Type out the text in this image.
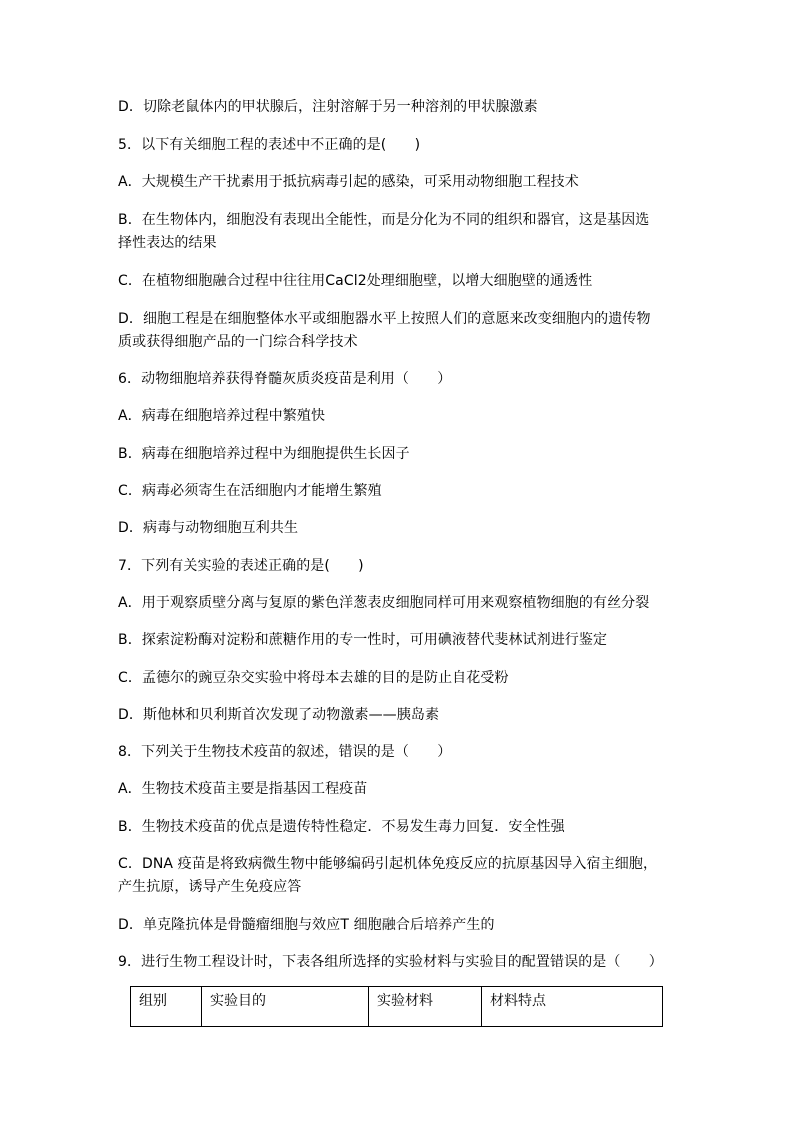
D．切除老鼠体内的甲状腺后，注射溶解于另一种溶剂的甲状腺激素
5．以下有关细胞工程的表述中不正确的是(　　)
A．大规模生产干扰素用于抵抗病毒引起的感染，可采用动物细胞工程技术
B．在生物体内，细胞没有表现出全能性，而是分化为不同的组织和器官，这是基因选
择性表达的结果
C．在植物细胞融合过程中往往用CaCl2处理细胞壁，以增大细胞壁的通透性
D．细胞工程是在细胞整体水平或细胞器水平上按照人们的意愿来改变细胞内的遗传物
质或获得细胞产品的一门综合科学技术
6．动物细胞培养获得脊髓灰质炎疫苗是利用（　　）
A．病毒在细胞培养过程中繁殖快
B．病毒在细胞培养过程中为细胞提供生长因子
C．病毒必须寄生在活细胞内才能增生繁殖
D．病毒与动物细胞互利共生
7．下列有关实验的表述正确的是(　　)
A．用于观察质壁分离与复原的紫色洋葱表皮细胞同样可用来观察植物细胞的有丝分裂
B．探索淀粉酶对淀粉和蔗糖作用的专一性时，可用碘液替代斐林试剂进行鉴定
C．孟德尔的豌豆杂交实验中将母本去雄的目的是防止自花受粉
D．斯他林和贝利斯首次发现了动物激素——胰岛素
8．下列关于生物技术疫苗的叙述，错误的是（　　）
A．生物技术疫苗主要是指基因工程疫苗
B．生物技术疫苗的优点是遗传特性稳定．不易发生毒力回复．安全性强
C．DNA 疫苗是将致病微生物中能够编码引起机体免疫反应的抗原基因导入宿主细胞，
产生抗原，诱导产生免疫应答
D．单克隆抗体是骨髓瘤细胞与效应T 细胞融合后培养产生的
9．进行生物工程设计时，下表各组所选择的实验材料与实验目的配置错误的是（　　）
组别	实验目的	实验材料	材料特点
